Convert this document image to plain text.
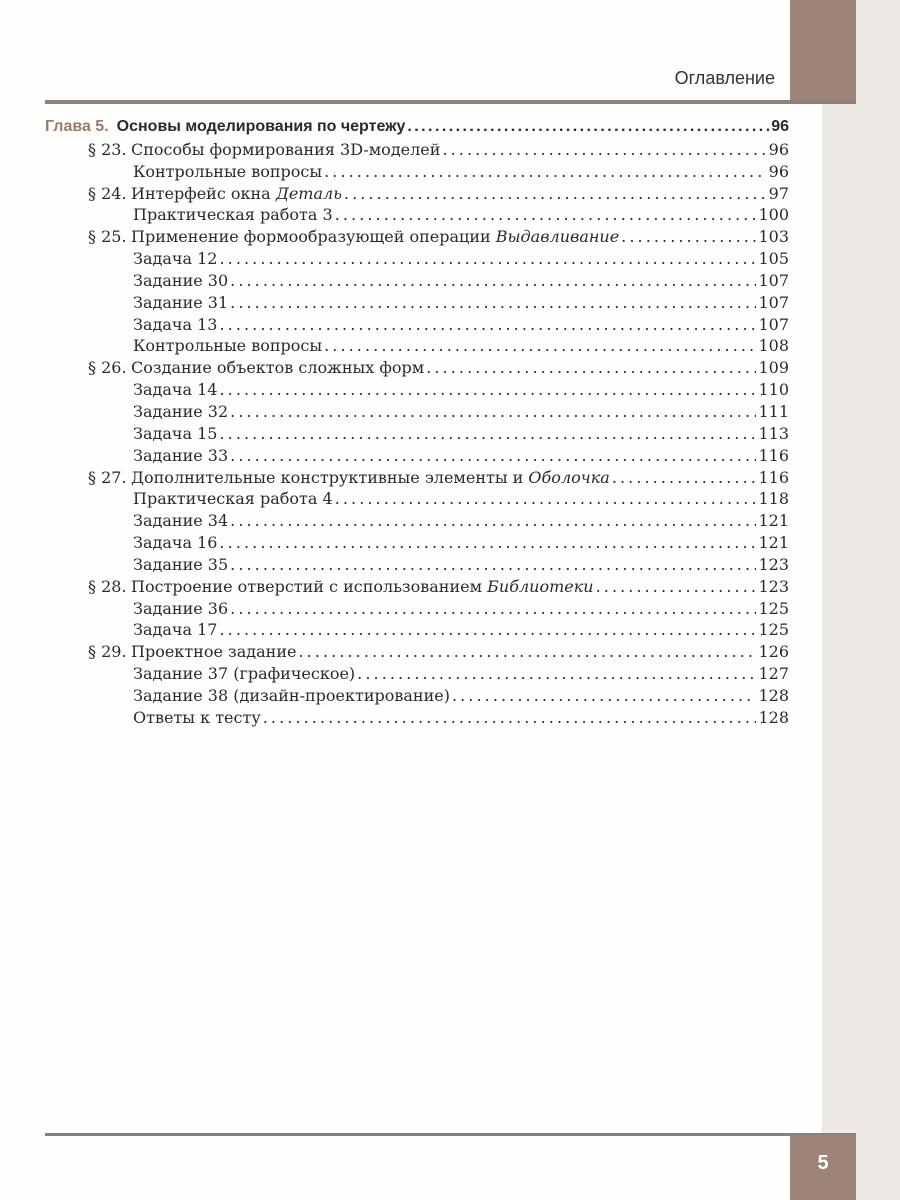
Оглавление
Глава 5. Основы моделирования по чертежу . . .	96
§ 23. Способы формирования 3D-моделей . . .	96
Контрольные вопросы . . .	96
§ 24. Интерфейс окна Деталь . . .	97
Практическая работа 3 . . .	100
§ 25. Применение формообразующей операции Выдавливание . . .	103
Задача 12 . . .	105
Задание 30 . . .	107
Задание 31 . . .	107
Задача 13 . . .	107
Контрольные вопросы . . .	108
§ 26. Создание объектов сложных форм . . .	109
Задача 14 . . .	110
Задание 32 . . .	111
Задача 15 . . .	113
Задание 33 . . .	116
§ 27. Дополнительные конструктивные элементы и Оболочка . . .	116
Практическая работа 4 . . .	118
Задание 34 . . .	121
Задача 16 . . .	121
Задание 35 . . .	123
§ 28. Построение отверстий с использованием Библиотеки . . .	123
Задание 36 . . .	125
Задача 17 . . .	125
§ 29. Проектное задание . . .	126
Задание 37 (графическое) . . .	127
Задание 38 (дизайн-проектирование) . . .	128
Ответы к тесту . . .	128
5
